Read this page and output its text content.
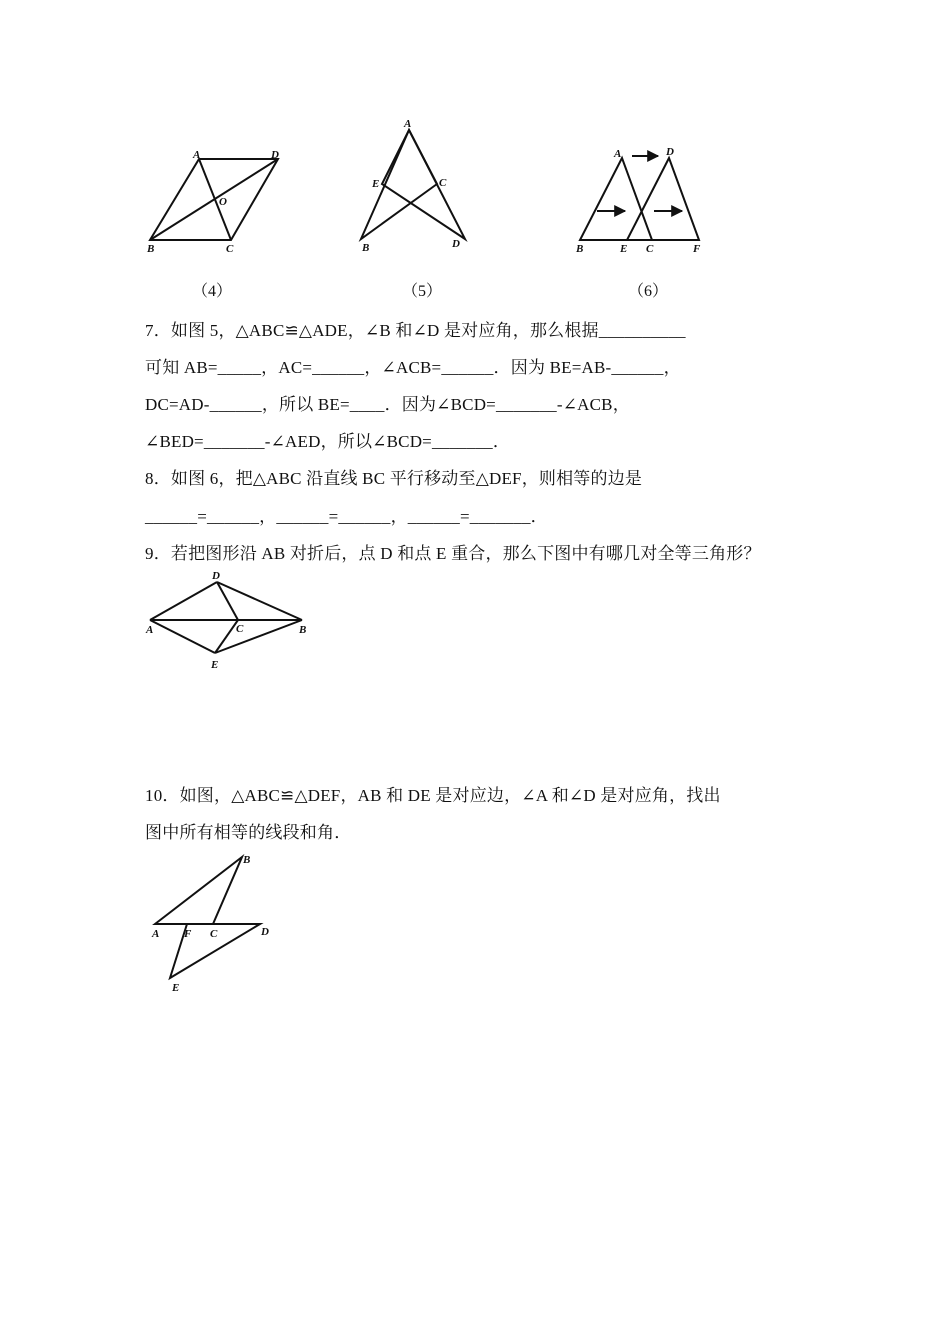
A	D
O
B	C
（4）
A
E	C
B	D
（5）
A	D
B	E C	F
（6）
7．如图 5，△ABC≌△ADE，∠B 和∠D 是对应角，那么根据__________
可知 AB=_____，AC=______，∠ACB=______．因为 BE=AB-______，
DC=AD-______，所以 BE=____．因为∠BCD=_______-∠ACB，
∠BED=_______-∠AED，所以∠BCD=_______．
8．如图 6，把△ABC 沿直线 BC 平行移动至△DEF，则相等的边是
______=______，______=______，______=_______．
9．若把图形沿 AB 对折后，点 D 和点 E 重合，那么下图中有哪几对全等三角形？
D
A	C	B
E
10．如图，△ABC≌△DEF，AB 和 DE 是对应边，∠A 和∠D 是对应角，找出
图中所有相等的线段和角．
B
A F C	D
E
